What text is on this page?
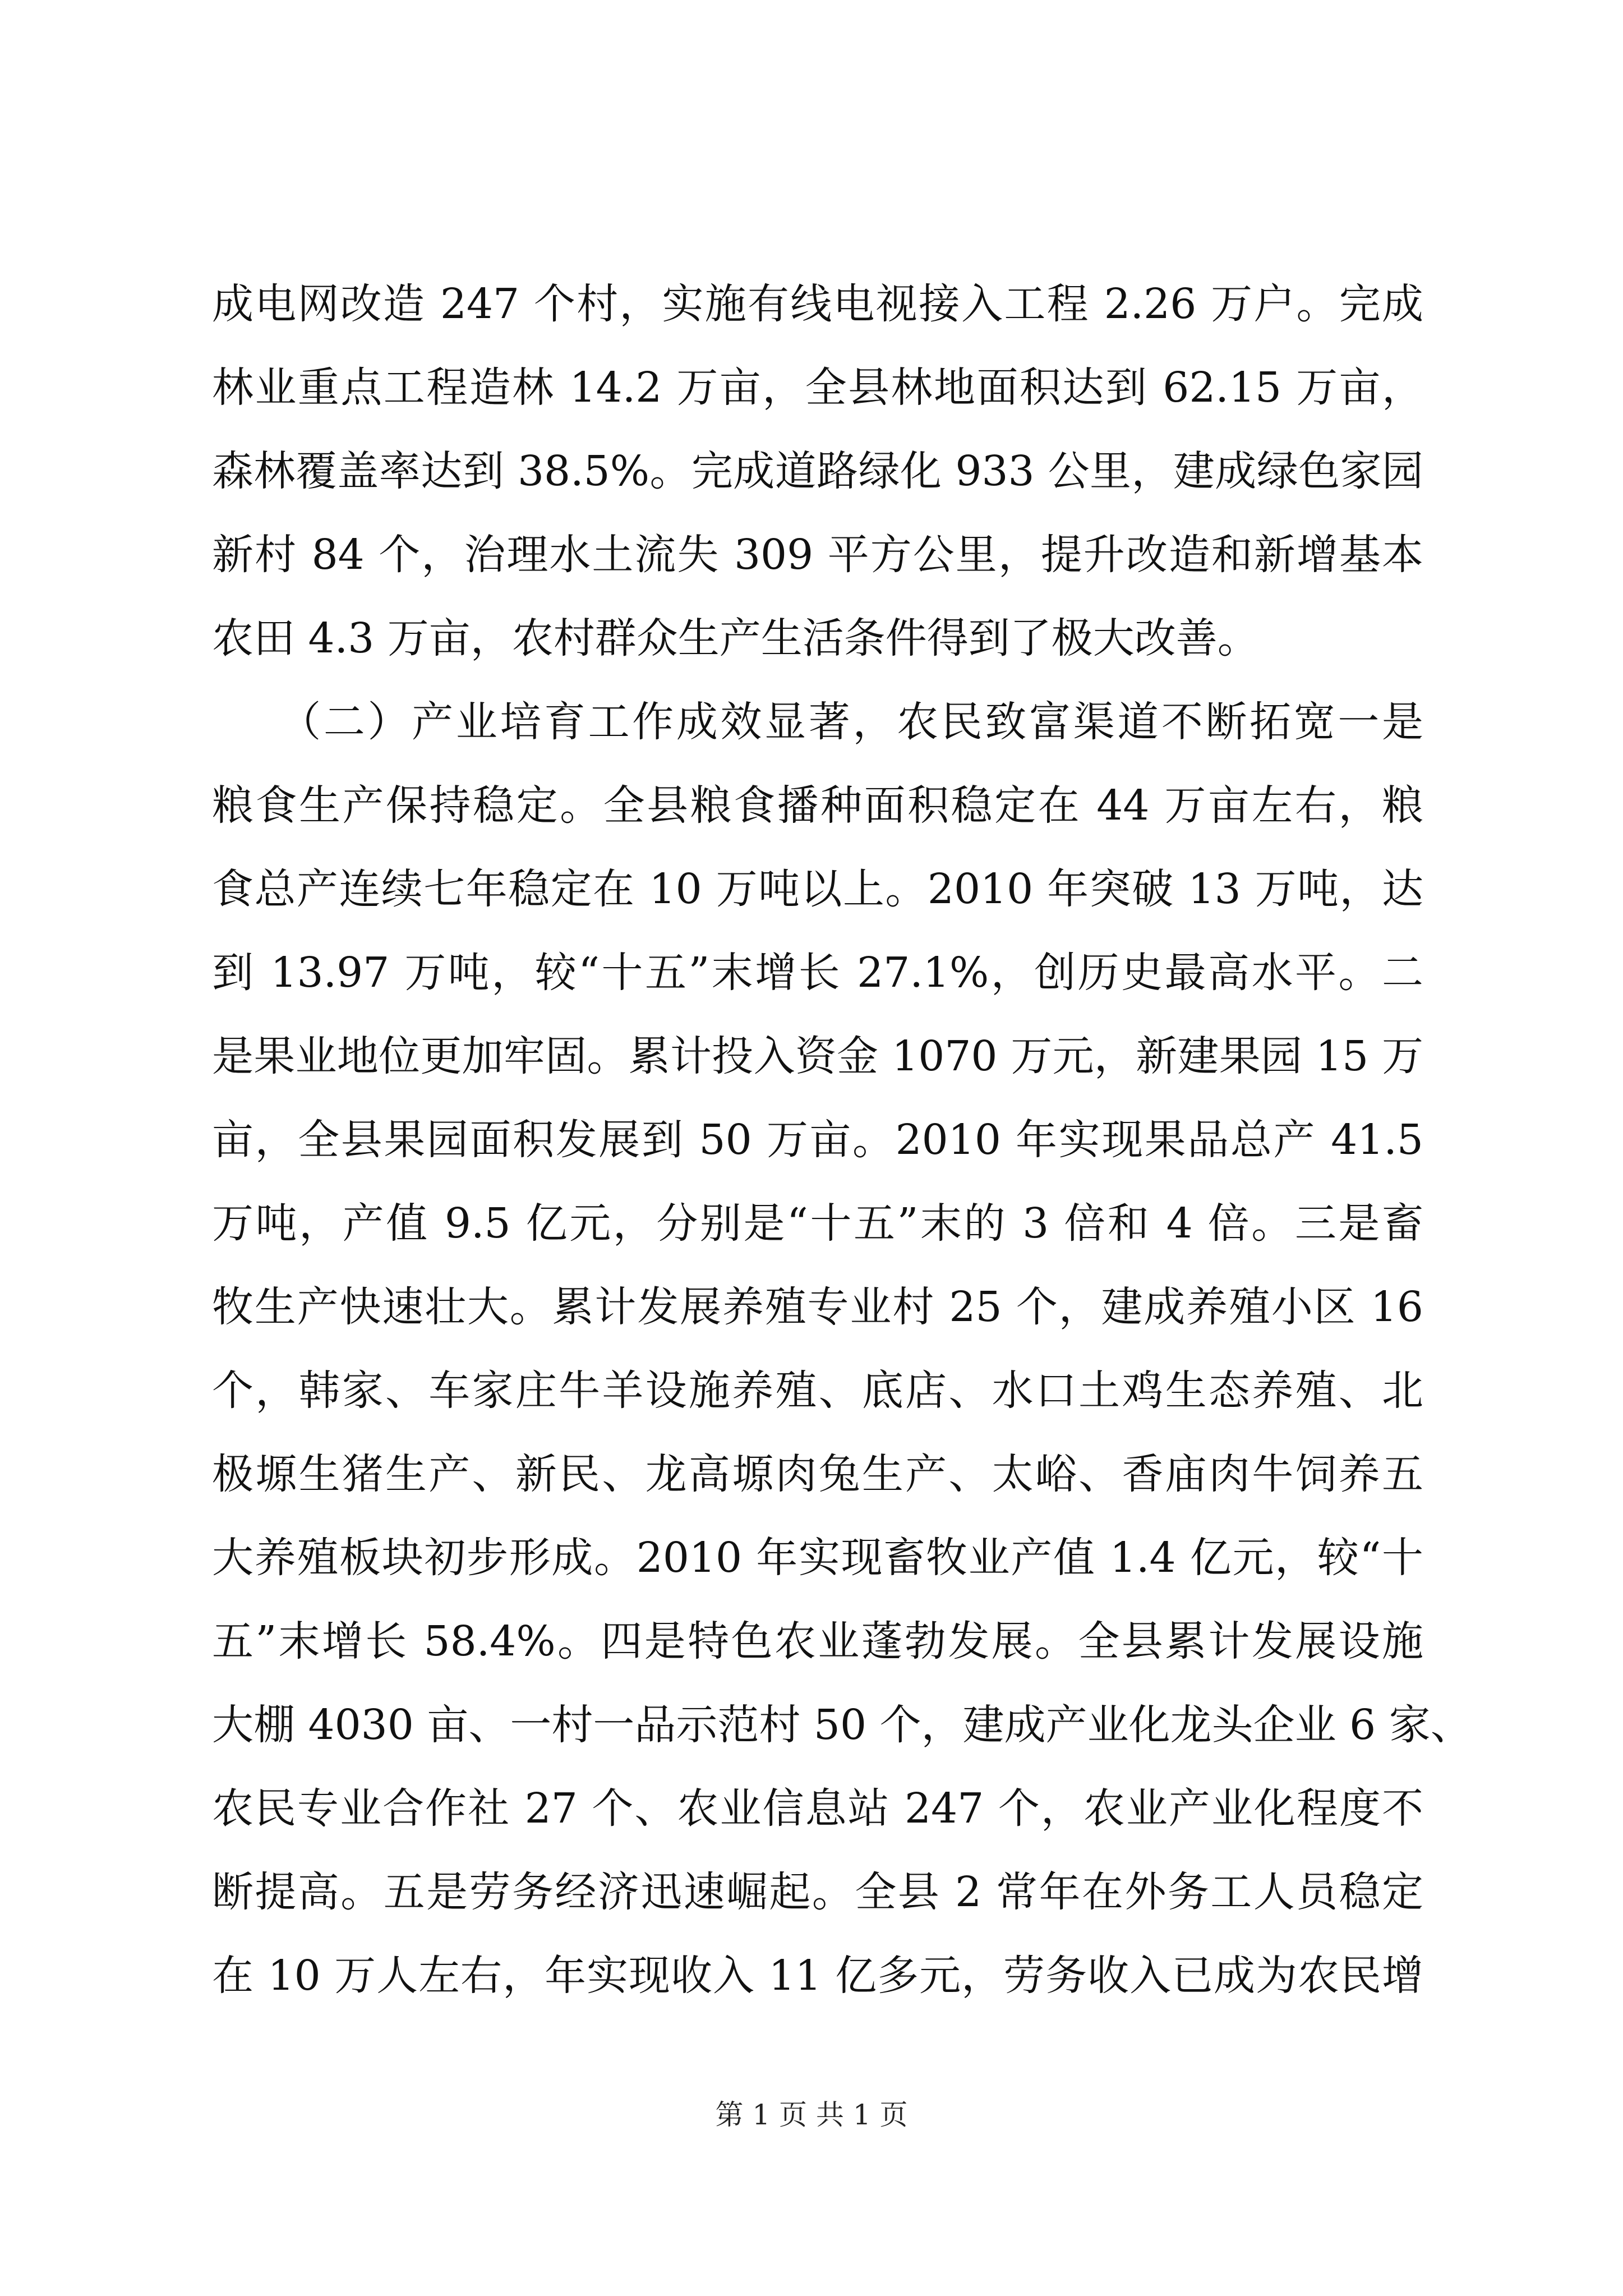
成电网改造 247 个村，实施有线电视接入工程 2.26 万户。完成
林业重点工程造林 14.2 万亩，全县林地面积达到 62.15 万亩，
森林覆盖率达到 38.5%。完成道路绿化 933 公里，建成绿色家园
新村 84 个，治理水土流失 309 平方公里，提升改造和新增基本
农田 4.3 万亩，农村群众生产生活条件得到了极大改善。
　　（二）产业培育工作成效显著，农民致富渠道不断拓宽一是
粮食生产保持稳定。全县粮食播种面积稳定在 44 万亩左右，粮
食总产连续七年稳定在 10 万吨以上。2010 年突破 13 万吨，达
到 13.97 万吨，较“十五”末增长 27.1%，创历史最高水平。二
是果业地位更加牢固。累计投入资金 1070 万元，新建果园 15 万
亩，全县果园面积发展到 50 万亩。2010 年实现果品总产 41.5
万吨，产值 9.5 亿元，分别是“十五”末的 3 倍和 4 倍。三是畜
牧生产快速壮大。累计发展养殖专业村 25 个，建成养殖小区 16
个，韩家、车家庄牛羊设施养殖、底店、水口土鸡生态养殖、北
极塬生猪生产、新民、龙高塬肉兔生产、太峪、香庙肉牛饲养五
大养殖板块初步形成。2010 年实现畜牧业产值 1.4 亿元，较“十
五”末增长 58.4%。四是特色农业蓬勃发展。全县累计发展设施
大棚 4030 亩、一村一品示范村 50 个，建成产业化龙头企业 6 家、
农民专业合作社 27 个、农业信息站 247 个，农业产业化程度不
断提高。五是劳务经济迅速崛起。全县 2 常年在外务工人员稳定
在 10 万人左右，年实现收入 11 亿多元，劳务收入已成为农民增
第 1 页 共 1 页
